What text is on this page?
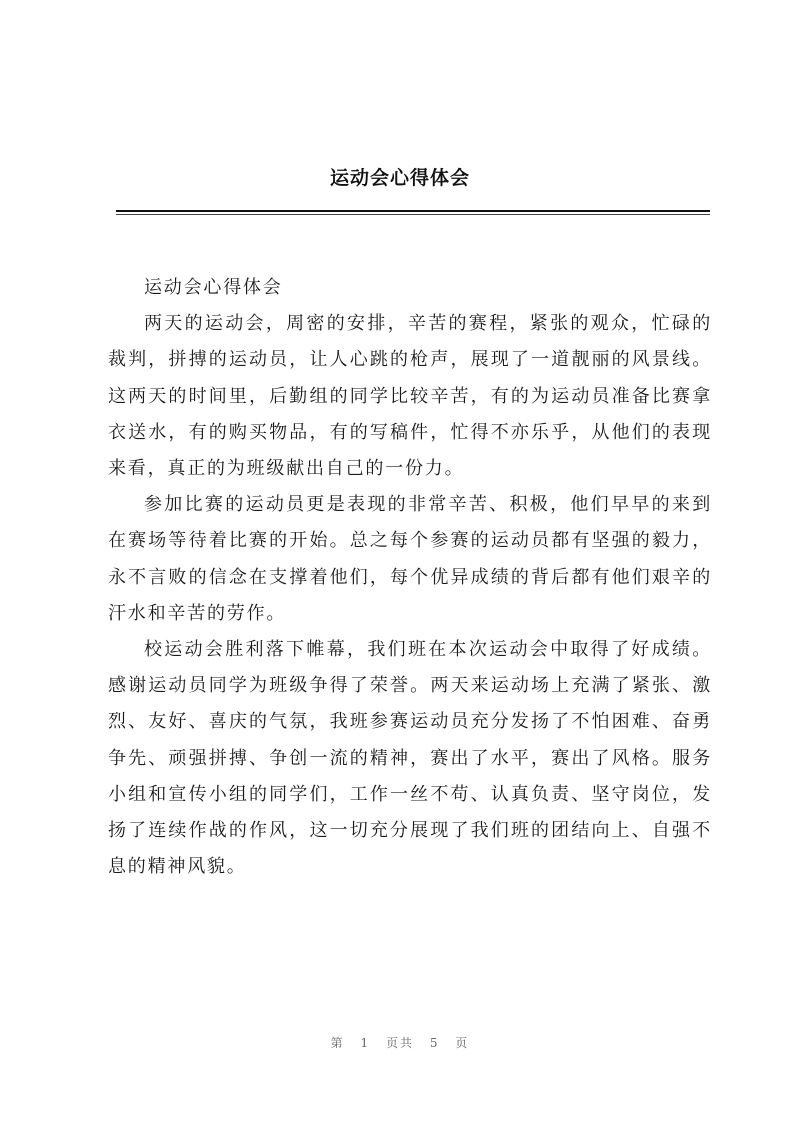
运动会心得体会

运动会心得体会

两天的运动会，周密的安排，辛苦的赛程，紧张的观众，忙碌的裁判，拼搏的运动员，让人心跳的枪声，展现了一道靓丽的风景线。这两天的时间里，后勤组的同学比较辛苦，有的为运动员准备比赛拿衣送水，有的购买物品，有的写稿件，忙得不亦乐乎，从他们的表现来看，真正的为班级献出自己的一份力。

参加比赛的运动员更是表现的非常辛苦、积极，他们早早的来到在赛场等待着比赛的开始。总之每个参赛的运动员都有坚强的毅力，永不言败的信念在支撑着他们，每个优异成绩的背后都有他们艰辛的汗水和辛苦的劳作。

校运动会胜利落下帷幕，我们班在本次运动会中取得了好成绩。感谢运动员同学为班级争得了荣誉。两天来运动场上充满了紧张、激烈、友好、喜庆的气氛，我班参赛运动员充分发扬了不怕困难、奋勇争先、顽强拼搏、争创一流的精神，赛出了水平，赛出了风格。服务小组和宣传小组的同学们，工作一丝不苟、认真负责、坚守岗位，发扬了连续作战的作风，这一切充分展现了我们班的团结向上、自强不息的精神风貌。

第 1 页共 5 页
